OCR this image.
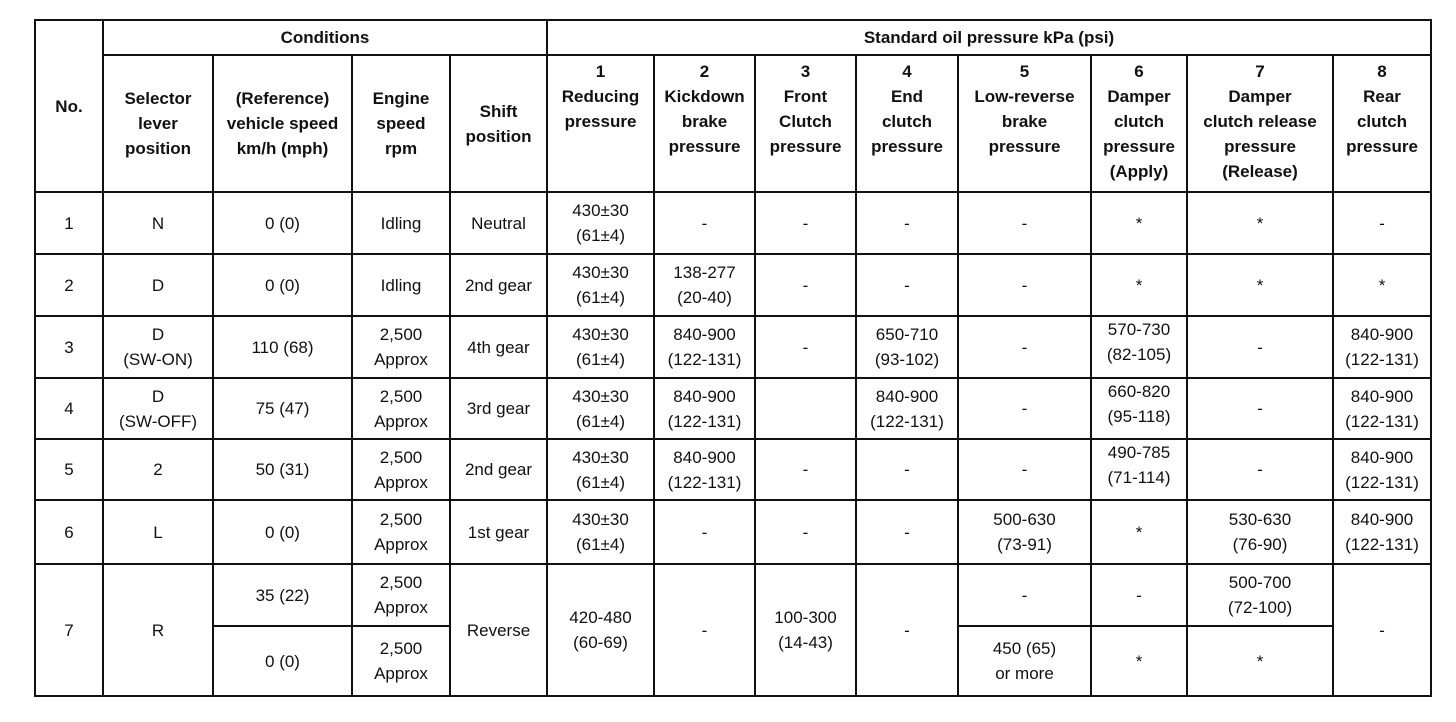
No.	Conditions				Standard oil pressure kPa (psi)							

	Selector
lever
position	(Reference)
vehicle speed
km/h (mph)	Engine
speed
rpm	Shift
position	1
Reducing
pressure	2
Kickdown
brake
pressure	3
Front
Clutch
pressure	4
End
clutch
pressure	5
Low-reverse
brake
pressure	6
Damper
clutch
pressure
(Apply)	7
Damper
clutch release
pressure
(Release)	8
Rear
clutch
pressure

1	N	0 (0)	Idling	Neutral	430±30
(61±4)	-	-	-	-	*	*	-

2	D	0 (0)	Idling	2nd gear	430±30
(61±4)	138-277
(20-40)	-	-	-	*	*	*

3	D
(SW-ON)	110 (68)	2,500
Approx	4th gear	430±30
(61±4)	840-900
(122-131)	-	650-710
(93-102)	-	570-730
(82-105)	-	840-900
(122-131)

4	D
(SW-OFF)	75 (47)	2,500
Approx	3rd gear	430±30
(61±4)	840-900
(122-131)		840-900
(122-131)	-	660-820
(95-118)	-	840-900
(122-131)

5	2	50 (31)	2,500
Approx	2nd gear	430±30
(61±4)	840-900
(122-131)	-	-	-	490-785
(71-114)	-	840-900
(122-131)

6	L	0 (0)	2,500
Approx	1st gear	430±30
(61±4)	-	-	-	500-630
(73-91)	*	530-630
(76-90)	840-900
(122-131)

7	R	35 (22)	2,500
Approx	Reverse	420-480
(60-69)	-	100-300
(14-43)	-	-	-	500-700
(72-100)	-

		0 (0)	2,500
Approx						450 (65)
or more	*	*	
